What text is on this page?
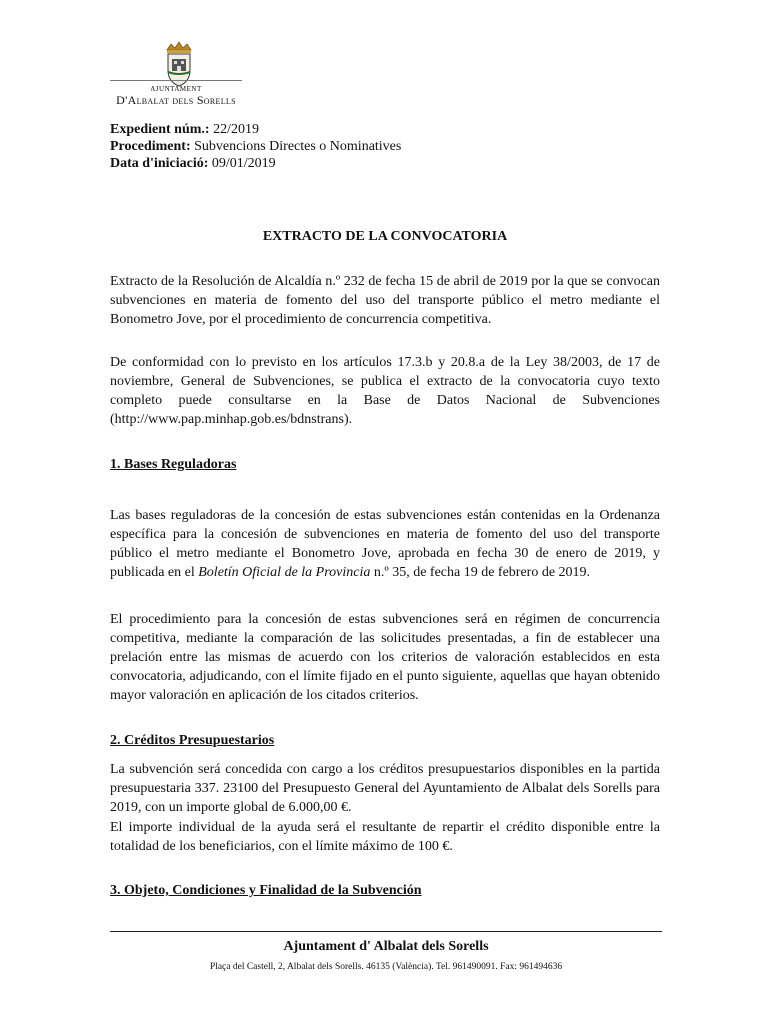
AJUNTAMENT
D'Albalat dels Sorells
Expedient núm.: 22/2019
Procediment: Subvencions Directes o Nominatives
Data d'iniciació: 09/01/2019
EXTRACTO DE LA CONVOCATORIA
Extracto de la Resolución de Alcaldía n.º 232 de fecha 15 de abril de 2019 por la que se convocan subvenciones en materia de fomento del uso del transporte público el metro mediante el Bonometro Jove, por el procedimiento de concurrencia competitiva.
De conformidad con lo previsto en los artículos 17.3.b y 20.8.a de la Ley 38/2003, de 17 de noviembre, General de Subvenciones, se publica el extracto de la convocatoria cuyo texto completo puede consultarse en la Base de Datos Nacional de Subvenciones (http://www.pap.minhap.gob.es/bdnstrans).
1. Bases Reguladoras
Las bases reguladoras de la concesión de estas subvenciones están contenidas en la Ordenanza específica para la concesión de subvenciones en materia de fomento del uso del transporte público el metro mediante el Bonometro Jove, aprobada en fecha 30 de enero de 2019, y publicada en el Boletín Oficial de la Provincia n.º 35, de fecha 19 de febrero de 2019.
El procedimiento para la concesión de estas subvenciones será en régimen de concurrencia competitiva, mediante la comparación de las solicitudes presentadas, a fin de establecer una prelación entre las mismas de acuerdo con los criterios de valoración establecidos en esta convocatoria, adjudicando, con el límite fijado en el punto siguiente, aquellas que hayan obtenido mayor valoración en aplicación de los citados criterios.
2. Créditos Presupuestarios
La subvención será concedida con cargo a los créditos presupuestarios disponibles en la partida presupuestaria 337. 23100 del Presupuesto General del Ayuntamiento de Albalat dels Sorells para 2019, con un importe global de 6.000,00 €.
El importe individual de la ayuda será el resultante de repartir el crédito disponible entre la totalidad de los beneficiarios, con el límite máximo de 100 €.
3. Objeto, Condiciones y Finalidad de la Subvención
Ajuntament d' Albalat dels Sorells
Plaça del Castell, 2, Albalat dels Sorells. 46135 (València). Tel. 961490091. Fax: 961494636
